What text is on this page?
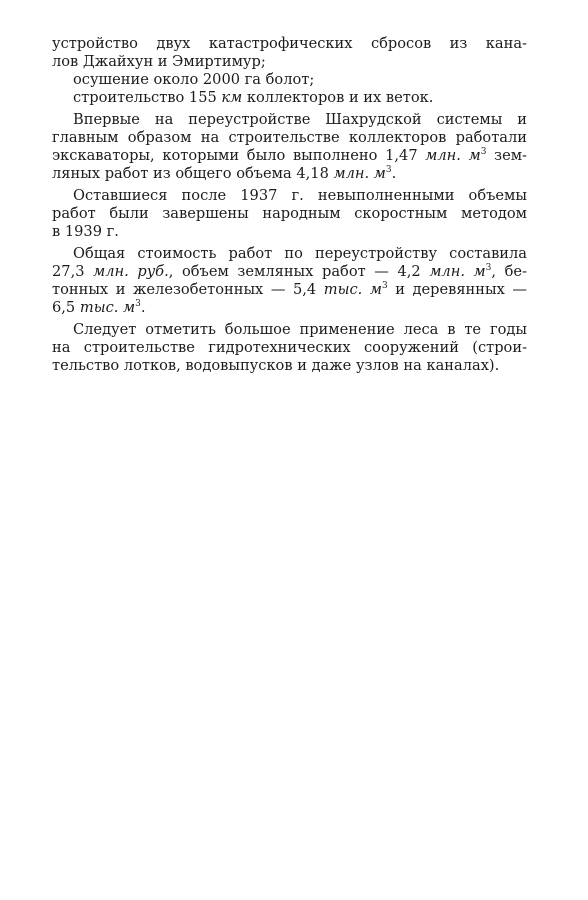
устройство двух катастрофических сбросов из кана-
лов Джайхун и Эмиртимур;
осушение около 2000 га болот;
строительство 155 км коллекторов и их веток.
Впервые на переустройстве Шахрудской системы и
главным образом на строительстве коллекторов работали
экскаваторы, которыми было выполнено 1,47 млн. $м^3$ зем-
ляных работ из общего объема 4,18 млн. $м^3$.
Оставшиеся после 1937 г. невыполненными объемы
работ были завершены народным скоростным методом
в 1939 г.
Общая стоимость работ по переустройству составила
27,3 млн. руб., объем земляных работ — 4,2 млн. $м^3$, бе-
тонных и железобетонных — 5,4 тыс. $м^3$ и деревянных —
6,5 тыс. $м^3$.
Следует отметить большое применение леса в те годы
на строительстве гидротехнических сооружений (строи-
тельство лотков, водовыпусков и даже узлов на каналах).
